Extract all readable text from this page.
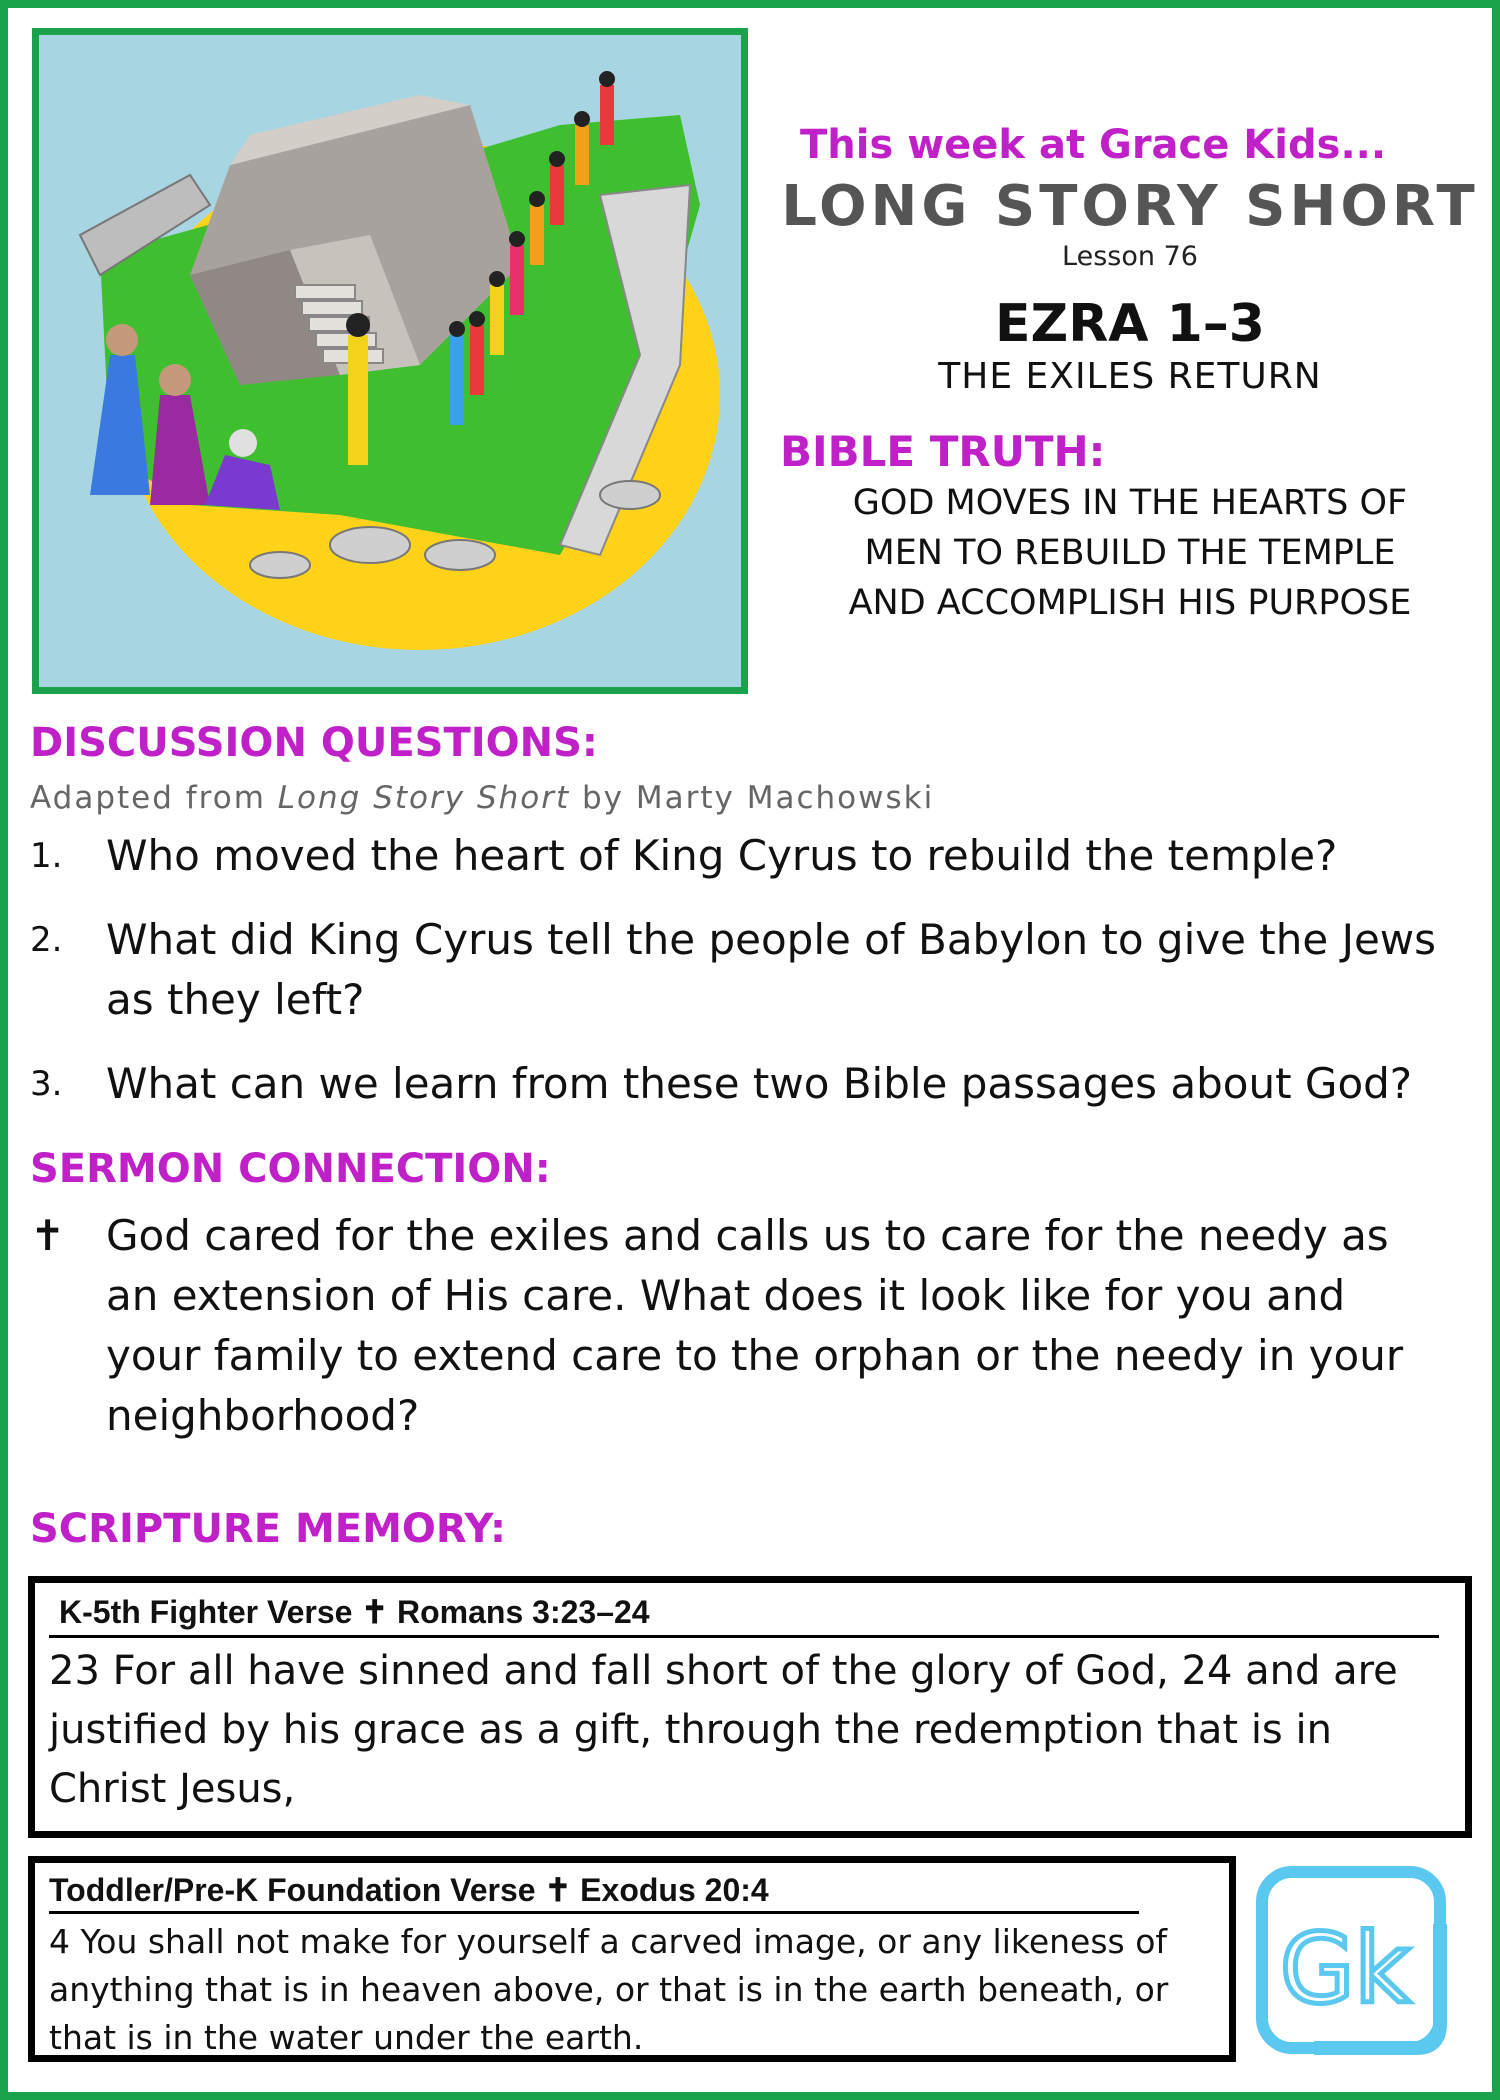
This week at Grace Kids...
LONG STORY SHORT
Lesson 76
EZRA 1–3
THE EXILES RETURN
BIBLE TRUTH:
GOD MOVES IN THE HEARTS OF
MEN TO REBUILD THE TEMPLE
AND ACCOMPLISH HIS PURPOSE
DISCUSSION QUESTIONS:
Adapted from Long Story Short by Marty Machowski
1.	Who moved the heart of King Cyrus to rebuild the temple?
2.	What did King Cyrus tell the people of Babylon to give the Jews as they left?
3.	What can we learn from these two Bible passages about God?
SERMON CONNECTION:
✝ God cared for the exiles and calls us to care for the needy as an extension of His care. What does it look like for you and your family to extend care to the orphan or the needy in your neighborhood?
SCRIPTURE MEMORY:
K-5th Fighter Verse ✝ Romans 3:23–24
23 For all have sinned and fall short of the glory of God, 24 and are justified by his grace as a gift, through the redemption that is in Christ Jesus,
Toddler/Pre-K Foundation Verse ✝ Exodus 20:4
4 You shall not make for yourself a carved image, or any likeness of anything that is in heaven above, or that is in the earth beneath, or that is in the water under the earth.
Gk
